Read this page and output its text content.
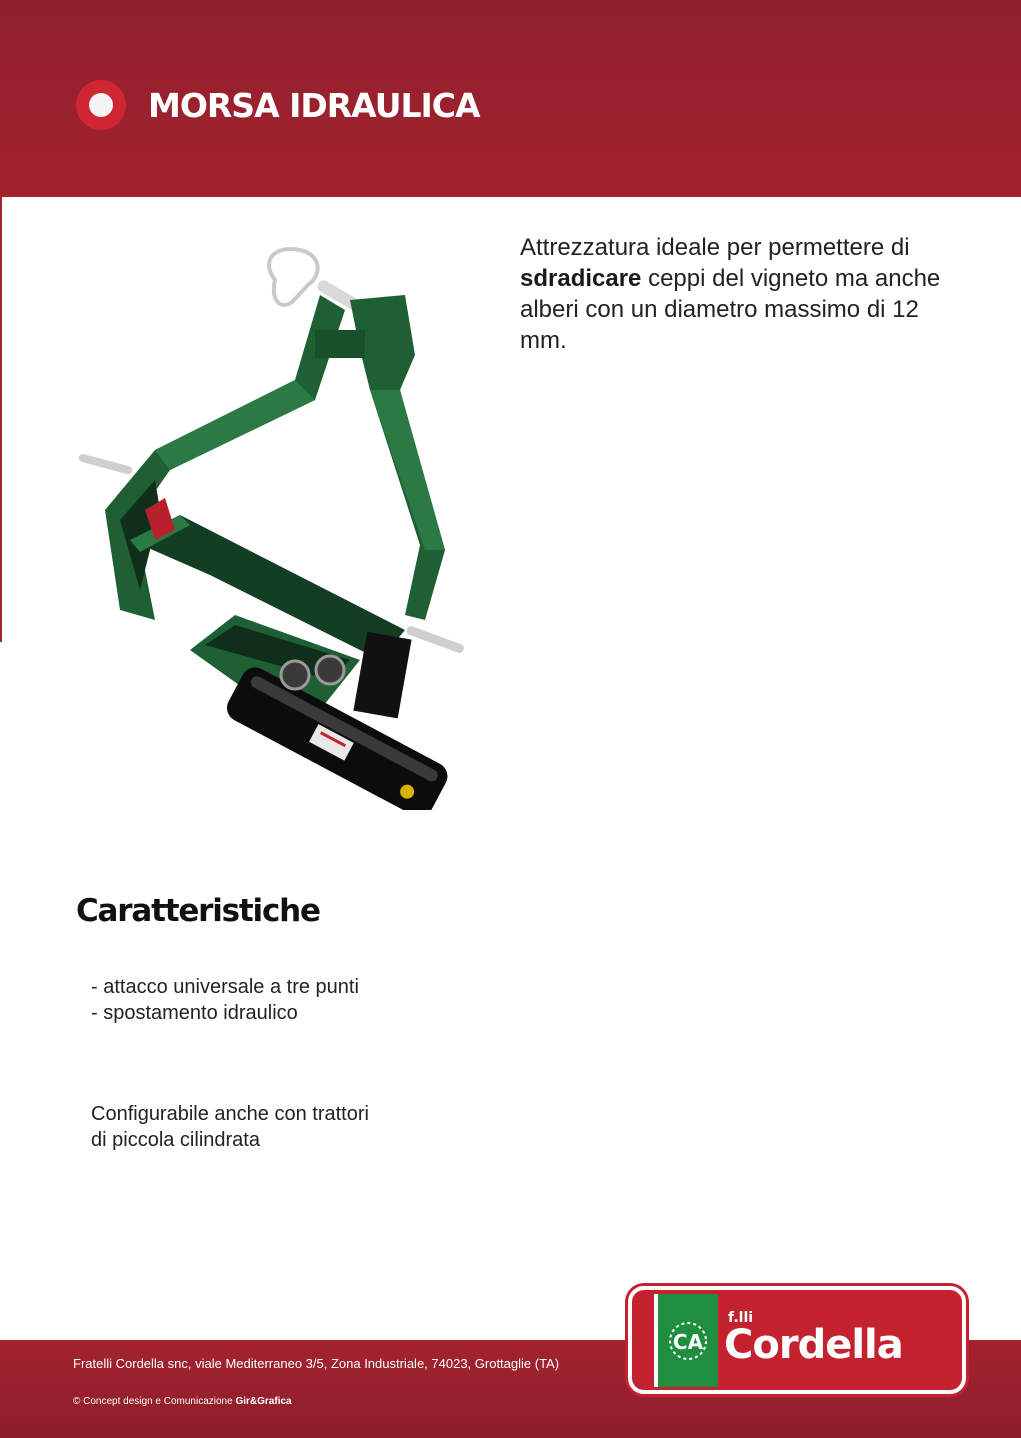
MORSA IDRAULICA

Attrezzatura ideale per permettere di sdradicare ceppi del vigneto ma anche alberi con un diametro massimo di 12 mm.

Caratteristiche
- attacco universale a tre punti
- spostamento idraulico

Configurabile anche con trattori
di piccola cilindrata

Fratelli Cordella snc, viale Mediterraneo 3/5, Zona Industriale, 74023, Grottaglie (TA)

© Concept design e Comunicazione Gir&Grafica

CA

f.lli

Cordella
